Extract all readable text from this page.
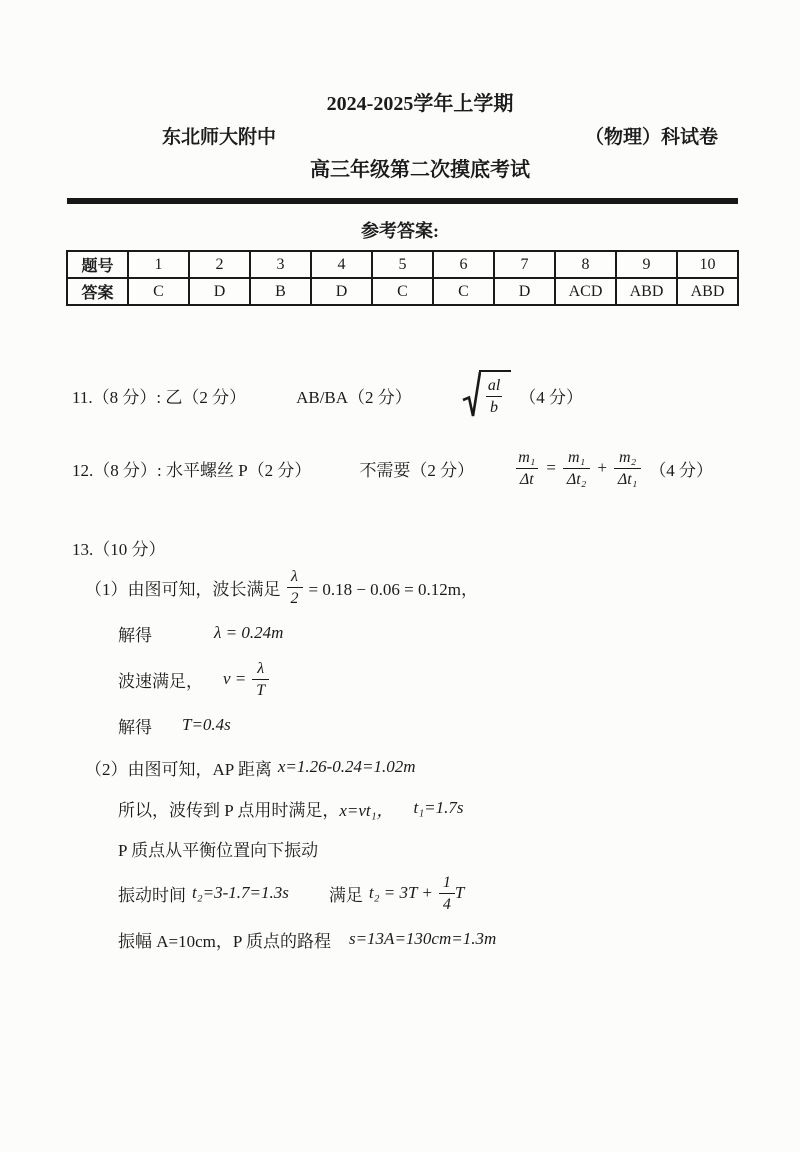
2024-2025学年上学期
东北师大附中	（物理）科试卷
高三年级第二次摸底考试
参考答案:
题号	1	2	3	4	5	6	7	8	9	10
答案	C	D	B	D	C	C	D	ACD	ABD	ABD
11.（8 分）: 乙（2 分）	AB/BA（2 分）	$\frac{al}{b} (4$ 分）
12.（8 分）: 水平螺丝 P（2 分）	不需要（2 分）	$\frac{\text{m₁}}{\Delta t} = \frac{\text{m₁}}{\text{Δt₂}} + \frac{\text{m₂}}{\text{Δt₁}} (4$ 分）
13.（10 分）
（1）由图可知，波长满足 $\frac{\lambda}{2} = 0.18 - 0.06 = 0.12m$，
解得	λ = 0.24m
波速满足， $v = \frac{\lambda}{T}$
解得 T=0.4s
（2）由图可知，AP 距离 x=1.26-0.24=1.02m
所以，波传到 P 点用时满足， x=vt₁， t₁=1.7s
P 质点从平衡位置向下振动
振动时间 t₂=3-1.7=1.3s 满足 $t_2 = 3T + \frac{1}{4}$ T
振幅 A=10cm，P 质点的路程 s=13A=130cm=1.3m
